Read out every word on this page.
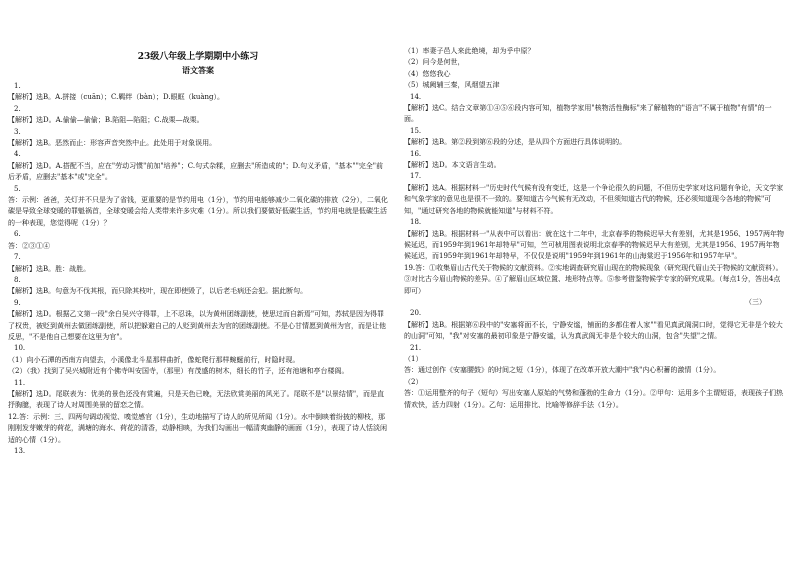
23级八年级上学期期中小练习
语文答案
1.
【解析】选B。A.拼接（cuān）；C.羁绊（bàn）；D.眼眶（kuàng）。
2.
【解析】选D。A.偷偷—偷偷；B.陷阻—陷阻；C.战栗—战栗。
3.
【解析】选B。恶然而止：形容声音突然中止。此处用于对象误用。
4.
【解析】选D。A.搭配不当，应在"劳动习惯"前加"培养"；C.句式杂糅，应删去"所造成的"；D.句义矛盾，"基本""完全"前后矛盾，应删去"基本"或"完全"。
5.
答：示例：爸爸，关灯并不只是为了省钱，更重要的是节约用电（1分），节约用电能够减少二氧化碳的排放（2分），二氧化碳是导致全球变暖的罪魁祸首，全球变暖会给人类带来许多灾难（1分）。所以我们要做好低碳生活，节约用电就是低碳生活的一种表现，您觉得呢（1分）？
6.
答：②③①④
7.
【解析】选B。胜：战胜。
8.
【解析】选B。句意为不伐其根，而只除其枝叶，现在即使毁了，以后老毛病还会犯。据此断句。
9.
【解析】选D。根据乙文第一段"余白吴兴守得罪，上不忍诛，以为黄州团练副使，使思过而自新焉"可知，苏轼是因为得罪了权贵，被贬到黄州去做团练副使，所以把躲避自己的人贬到黄州去为官的团练副使。不是心甘情愿到黄州为官，而是让他反思，"不是他自己想要在这里为官"。
10.
（1）向小石潭的西南方向望去，小溪像北斗星那样曲折，像蛇爬行那样蜿蜒前行，时隐时现。
（2）（我）找到了吴兴城附近有个佛寺叫安国寺，（那里）有茂盛的树木，细长的竹子，还有池塘和亭台楼阁。
11.
【解析】选D。尾联表为：优美的景色还没有赏遍，只是天色已晚，无法欣赏美丽的风光了。尾联不是"以景结情"，而是直抒胸臆，表现了诗人对周围美景的留恋之情。
12.答：示例：三、四两句调动视觉、嗅觉感官（1分），生动地描写了诗人的所见所闻（1分）。水中倒映着纷披的柳枝，那刚刚发芽嫩芽的荷花，满塘的海水、荷花的清香，动静相映，为我们勾画出一幅清爽幽静的画面（1分），表现了诗人恬淡闲适的心情（1分）。
13.
（1）率妻子邑人来此绝境，却为乎中原？
（2）问今是何世，
（4）悠悠我心
（5）城阙辅三秦，风烟望五津
14.
【解析】选C。结合文章第①④⑤⑥段内容可知，植物学家用"核物活性酶标"来了解植物的"语言"不属于植物"有情"的一面。
15.
【解析】选B。第②段到第⑥段的分述，是从四个方面进行具体说明的。
16.
【解析】选D。本文语言生动。
17.
【解析】选A。根据材料一"历史时代气候有没有变迁，这是一个争论很久的问题，不但历史学家对这问题有争论，天文学家和气象学家的意见也是很不一致的。要知道古今气候有无改动，不但须知道古代的物候，还必须知道现今各地的物候"可知，"通过研究各地的物候就能知道"与材料不符。
18.
【解析】选B。根据材料一"从表中可以看出：就在这十二年中，北京春季的物候迟早大有差别，尤其是1956、1957两年物候延迟，而1959年到1961年却特早"可知，竺可桢用图表说明北京春季的物候迟早大有差别，尤其是1956、1957两年物候延迟，而1959年到1961年却特早，不仅仅是说明"1959年到1961年的山海棠迟于1956年和1957年早"。
19.答：①收集眉山古代关于物候的文献资料。②实地调查研究眉山现在的物候现象（研究现代眉山关于物候的文献资料）。③对比古今眉山物候的差异。④了解眉山区域位置、地形特点等。⑤参考借鉴物候学专家的研究成果。（每点1分，答出4点即可）
（三）
20.
【解析】选B。根据第⑥段中的"安塞将面不长，宁静安谧，铺面的多都住着人家""看见真武阁洞口时，觉得它无非是个较大的山洞"可知，"我"对安塞的最初印象是宁静安谧，认为真武阁无非是个较大的山洞，包含"失望"之情。
21.
（1）
答：通过创作《安塞腰鼓》的时间之短（1分），体现了在改革开放大潮中"我"内心积蓄的激情（1分）。
（2）
答：①运用整齐的句子（短句）写出安塞人原始的气势和蓬勃的生命力（1分）。②甲句：运用多个主谓短语，表现孩子们热情欢快，活力四射（1分）。乙句：运用排比、比喻等修辞手法（1分）。
